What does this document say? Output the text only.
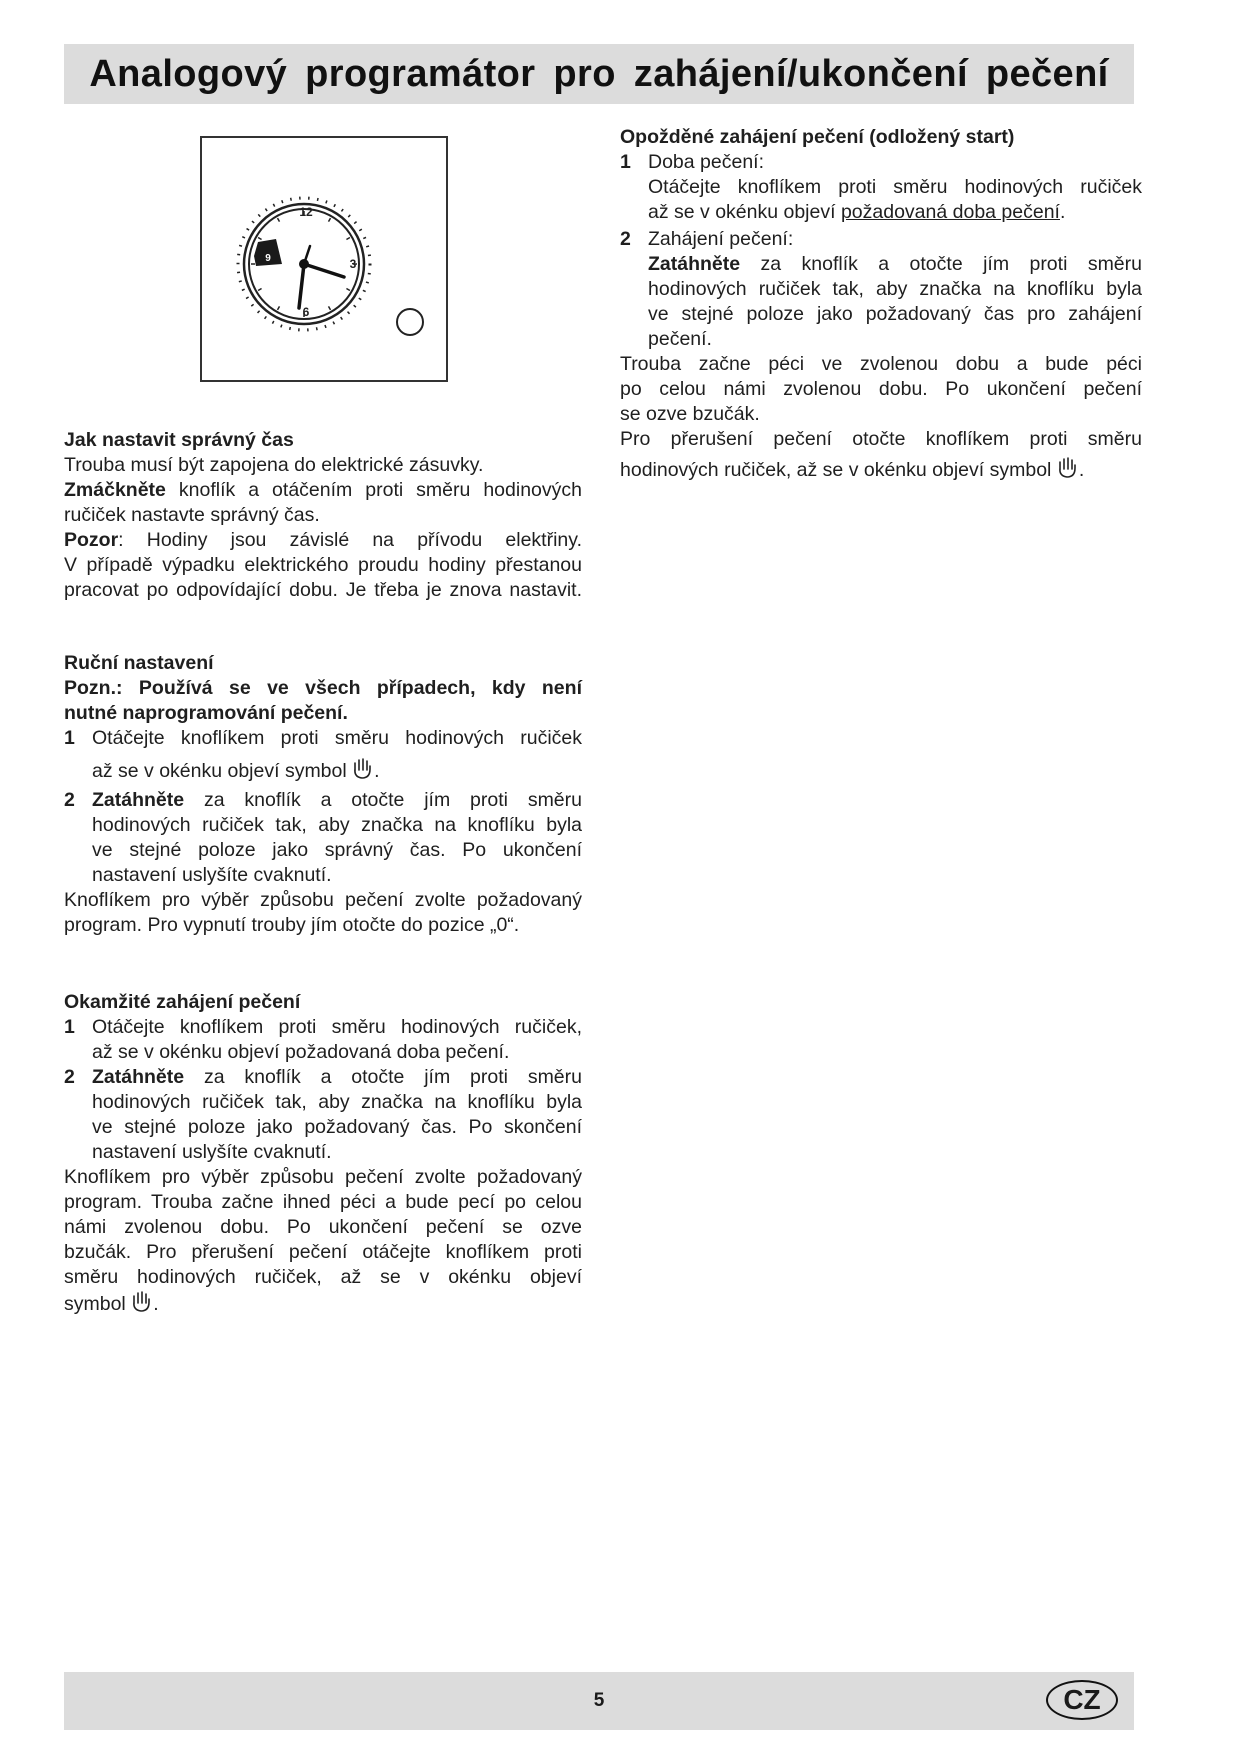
Analogový programátor pro zahájení/ukončení pečení
12
3
6
9

Jak nastavit správný čas

Trouba musí být zapojena do elektrické zásuvky.

Zmáčkněte knoflík a otáčením proti směru hodinových

ručiček nastavte správný čas.

Pozor: Hodiny jsou závislé na přívodu elektřiny.

V případě výpadku elektrického proudu hodiny přestanou

pracovat po odpovídající dobu. Je třeba je znova nastavit.

Ruční nastavení

Pozn.: Používá se ve všech případech, kdy není

nutné naprogramování pečení.

1 Otáčejte knoflíkem proti směru hodinových ručiček

až se v okénku objeví symbol .

2 Zatáhněte za knoflík a otočte jím proti směru

hodinových ručiček tak, aby značka na knoflíku byla

ve stejné poloze jako správný čas. Po ukončení

nastavení uslyšíte cvaknutí.

Knoflíkem pro výběr způsobu pečení zvolte požadovaný

program. Pro vypnutí trouby jím otočte do pozice „0“.

Okamžité zahájení pečení

1 Otáčejte knoflíkem proti směru hodinových ručiček,

až se v okénku objeví požadovaná doba pečení.

2 Zatáhněte za knoflík a otočte jím proti směru

hodinových ručiček tak, aby značka na knoflíku byla

ve stejné poloze jako požadovaný čas. Po skončení

nastavení uslyšíte cvaknutí.

Knoflíkem pro výběr způsobu pečení zvolte požadovaný

program. Trouba začne ihned péci a bude pecí po celou

námi zvolenou dobu. Po ukončení pečení se ozve

bzučák. Pro přerušení pečení otáčejte knoflíkem proti

směru hodinových ručiček, až se v okénku objeví

symbol .

Opožděné zahájení pečení (odložený start)

1 Doba pečení:

Otáčejte knoflíkem proti směru hodinových ručiček

až se v okénku objeví požadovaná doba pečení.

2 Zahájení pečení:

Zatáhněte za knoflík a otočte jím proti směru

hodinových ručiček tak, aby značka na knoflíku byla

ve stejné poloze jako požadovaný čas pro zahájení

pečení.

Trouba začne péci ve zvolenou dobu a bude péci

po celou námi zvolenou dobu. Po ukončení pečení

se ozve bzučák.

Pro přerušení pečení otočte knoflíkem proti směru

hodinových ručiček, až se v okénku objeví symbol .

5	CZ
